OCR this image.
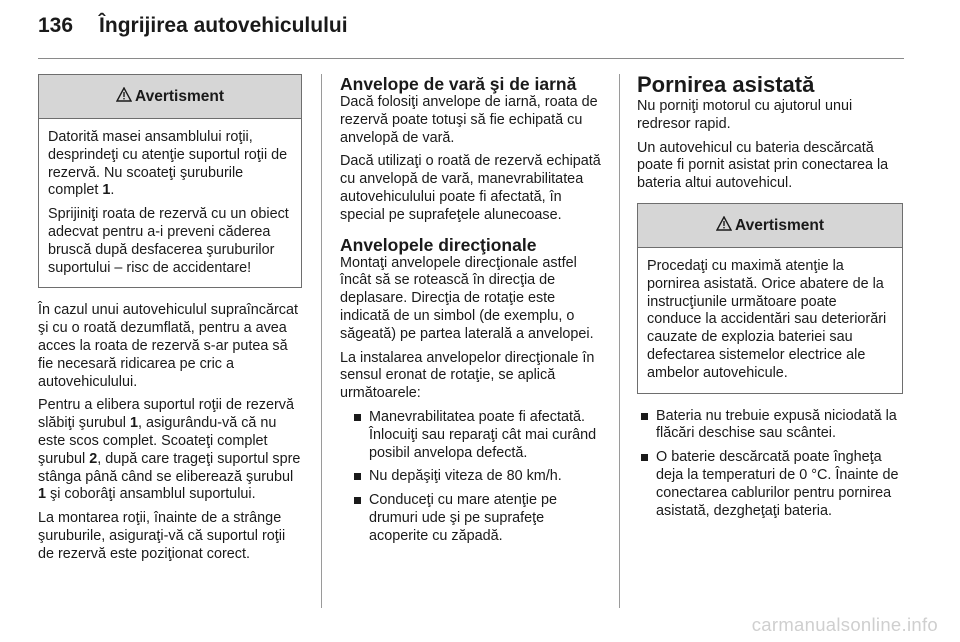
136 Îngrijirea autovehiculului
Avertisment

Datorită masei ansamblului roţii, desprindeţi cu atenţie suportul roţii de rezervă. Nu scoateţi şuruburile complet 1.

Sprijiniţi roata de rezervă cu un obiect adecvat pentru a-i preveni căderea bruscă după desfacerea şuruburilor suportului – risc de accidentare!

În cazul unui autovehiculul supraîncărcat şi cu o roată dezumflată, pentru a avea acces la roata de rezervă s-ar putea să fie necesară ridicarea pe cric a autovehiculului.

Pentru a elibera suportul roţii de rezervă slăbiţi şurubul 1, asigurându-vă că nu este scos complet. Scoateţi complet şurubul 2, după care trageţi suportul spre stânga până când se eliberează şurubul 1 şi coborâţi ansamblul suportului.

La montarea roţii, înainte de a strânge şuruburile, asiguraţi-vă că suportul roţii de rezervă este poziţionat corect.

Anvelope de vară şi de iarnă

Dacă folosiţi anvelope de iarnă, roata de rezervă poate totuşi să fie echipată cu anvelopă de vară.

Dacă utilizaţi o roată de rezervă echipată cu anvelopă de vară, manevrabilitatea autovehiculului poate fi afectată, în special pe suprafeţele alunecoase.

Anvelopele direcţionale

Montaţi anvelopele direcţionale astfel încât să se rotească în direcţia de deplasare. Direcţia de rotaţie este indicată de un simbol (de exemplu, o săgeată) pe partea laterală a anvelopei.

La instalarea anvelopelor direcţionale în sensul eronat de rotaţie, se aplică următoarele:

Manevrabilitatea poate fi afectată. Înlocuiţi sau reparaţi cât mai curând posibil anvelopa defectă.
Nu depăşiţi viteza de 80 km/h.
Conduceţi cu mare atenţie pe drumuri ude şi pe suprafeţe acoperite cu zăpadă.
Pornirea asistată

Nu porniţi motorul cu ajutorul unui redresor rapid.

Un autovehicul cu bateria descărcată poate fi pornit asistat prin conectarea la bateria altui autovehicul.

Avertisment

Procedaţi cu maximă atenţie la pornirea asistată. Orice abatere de la instrucţiunile următoare poate conduce la accidentări sau deteriorări cauzate de explozia bateriei sau defectarea sistemelor electrice ale ambelor autovehicule.

Bateria nu trebuie expusă niciodată la flăcări deschise sau scântei.
O baterie descărcată poate îngheţa deja la temperaturi de 0 °C. Înainte de conectarea cablurilor pentru pornirea asistată, dezgheţaţi bateria.
carmanualsonline.info
